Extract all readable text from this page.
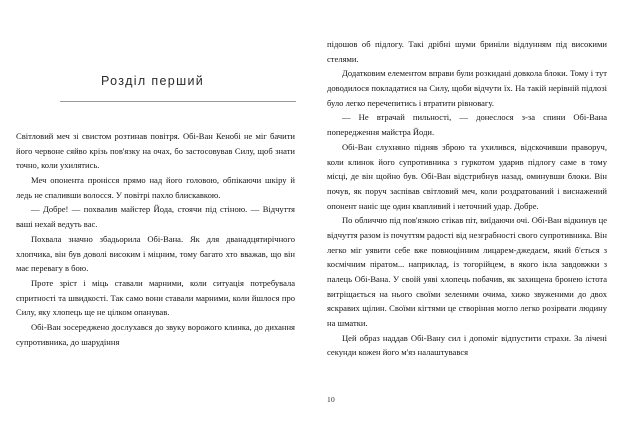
Розділ перший

Світловий меч зі свистом розтинав повітря. Обі-Ван Кенобі не міг бачити його червоне сяйво крізь пов'язку на очах, бо застосовував Силу, щоб знати точно, коли ухилятись.

Меч опонента пронісся прямо над його головою, обпікаючи шкіру й ледь не спаливши волосся. У повітрі пахло блискавкою.

— Добре! — похвалив майстер Йода, стоячи під стіною. — Відчуття ваші нехай ведуть вас.

Похвала значно збадьорила Обі-Вана. Як для дванадцятирічного хлопчика, він був доволі високим і міцним, тому багато хто вважав, що він має перевагу в бою.

Проте зріст і міць ставали марними, коли ситуація потребувала спритності та швидкості. Так само вони ставали марними, коли йшлося про Силу, яку хлопець ще не цілком опанував.

Обі-Ван зосереджено дослухався до звуку ворожого клинка, до дихання супротивника, до шарудіння

підошов об підлогу. Такі дрібні шуми бриніли відлунням під високими стелями.

Додатковим елементом вправи були розкидані довкола блоки. Тому і тут доводилося покладатися на Силу, щоби відчути їх. На такій нерівній підлозі було легко перечепитись і втратити рівновагу.

— Не втрачай пильності, — донеслося з-за спини Обі-Вана попередження майстра Йоди.

Обі-Ван слухняно підняв зброю та ухилився, відскочивши праворуч, коли клинок його супротивника з гуркотом ударив підлогу саме в тому місці, де він щойно був. Обі-Ван відстрибнув назад, оминувши блоки. Він почув, як поруч заспівав світловий меч, коли роздратований і виснажений опонент наніс ще один квапливий і неточний удар. Добре.

По обличчю під пов'язкою стікав піт, виїдаючи очі. Обі-Ван відкинув це відчуття разом із почуттям радості від незграбності свого супротивника. Він легко міг уявити себе вже повноцінним лицарем-джедаєм, який б'ється з космічним піратом... наприклад, із тогорійцем, в якого ікла завдовжки з палець Обі-Вана. У своїй уяві хлопець побачив, як захищена бронею істота витріщається на нього своїми зеленими очима, хижо звуженими до двох яскравих щілин. Своїми кігтями це створіння могло легко розірвати людину на шматки.

Цей образ наддав Обі-Вану сил і допоміг відпустити страхи. За лічені секунди кожен його м'яз налаштувався

10
